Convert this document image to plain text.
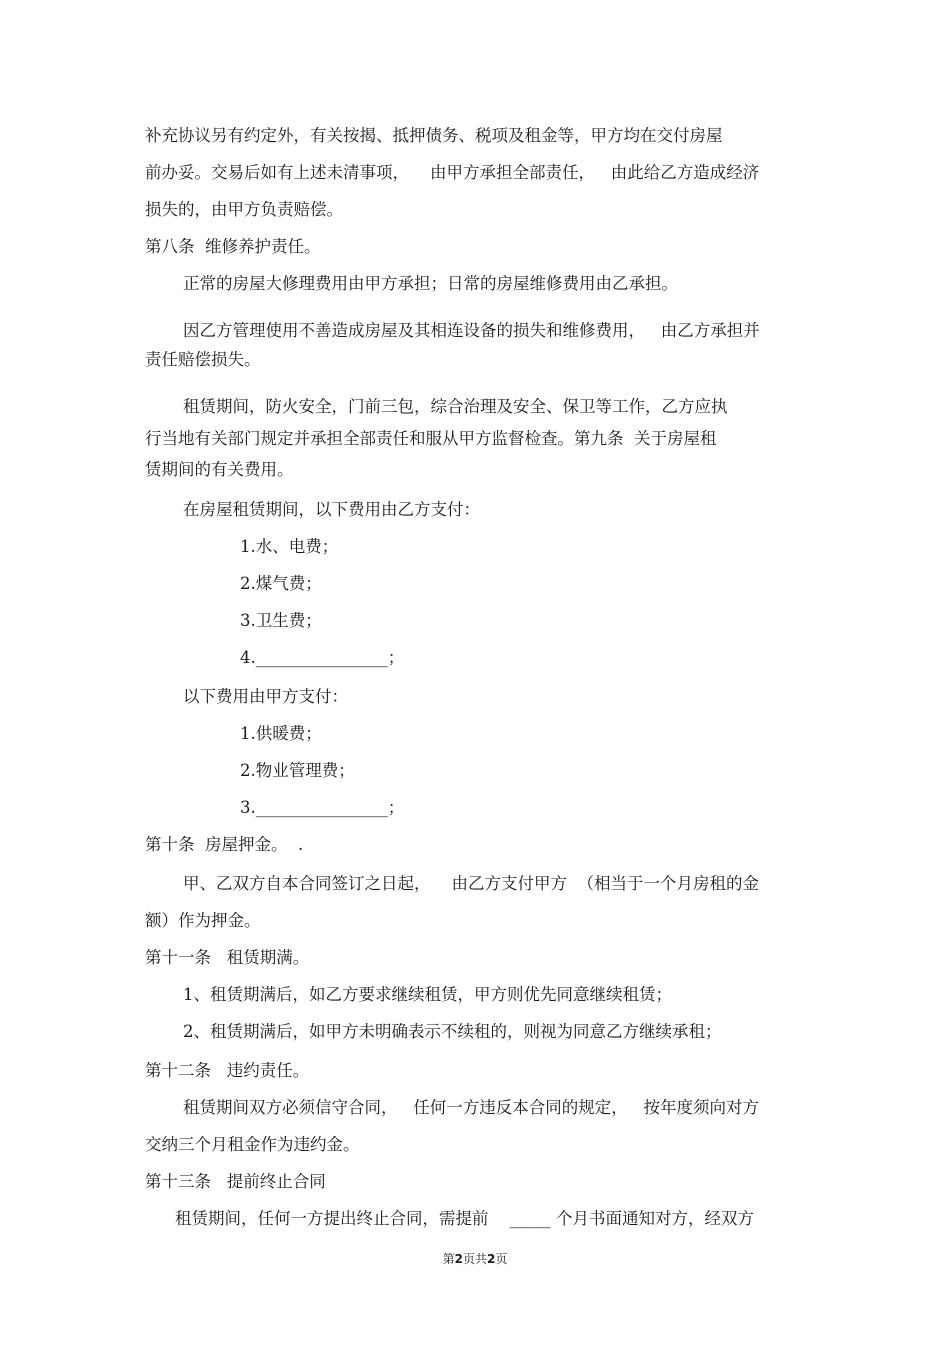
补充协议另有约定外，有关按揭、抵押债务、税项及租金等，甲方均在交付房屋
前办妥。交易后如有上述未清事项，    由甲方承担全部责任，   由此给乙方造成经济
损失的，由甲方负责赔偿。
第八条  维修养护责任。
正常的房屋大修理费用由甲方承担；日常的房屋维修费用由乙承担。
因乙方管理使用不善造成房屋及其相连设备的损失和维修费用，   由乙方承担并
责任赔偿损失。
租赁期间，防火安全，门前三包，综合治理及安全、保卫等工作，乙方应执
行当地有关部门规定并承担全部责任和服从甲方监督检查。第九条  关于房屋租
赁期间的有关费用。
在房屋租赁期间，以下费用由乙方支付：
1.水、电费；
2.煤气费；
3.卫生费；
4.________________；
以下费用由甲方支付：
1.供暖费；
2.物业管理费；
3.________________；
第十条  房屋押金。  .
甲、乙双方自本合同签订之日起，    由乙方支付甲方  （相当于一个月房租的金
额）作为押金。
第十一条   租赁期满。
1、租赁期满后，如乙方要求继续租赁，甲方则优先同意继续租赁；
2、租赁期满后，如甲方未明确表示不续租的，则视为同意乙方继续承租；
第十二条   违约责任。
租赁期间双方必须信守合同，   任何一方违反本合同的规定，   按年度须向对方
交纳三个月租金作为违约金。
第十三条   提前终止合同
租赁期间，任何一方提出终止合同，需提前    _____ 个月书面通知对方，经双方
第2页共2页
